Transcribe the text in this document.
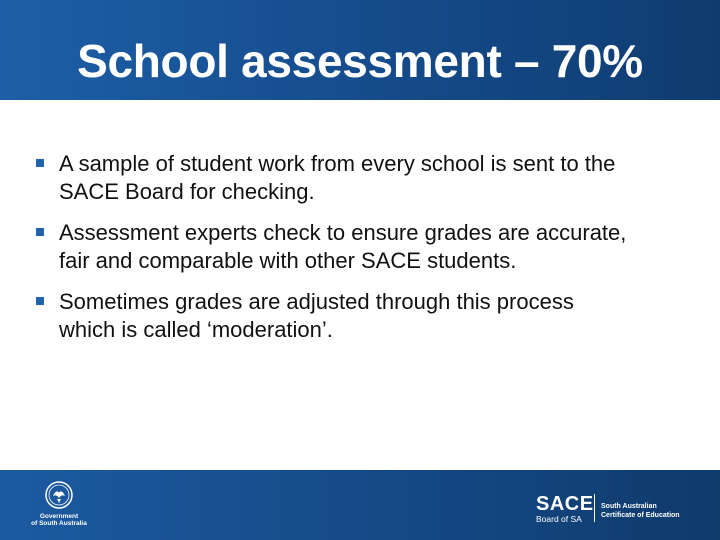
School assessment – 70%
A sample of student work from every school is sent to the
SACE Board for checking.
Assessment experts check to ensure grades are accurate,
fair and comparable with other SACE students.
Sometimes grades are adjusted through this process
which is called ‘moderation’.
Government
of South Australia
SACE
Board of SA
South Australian
Certificate of Education
